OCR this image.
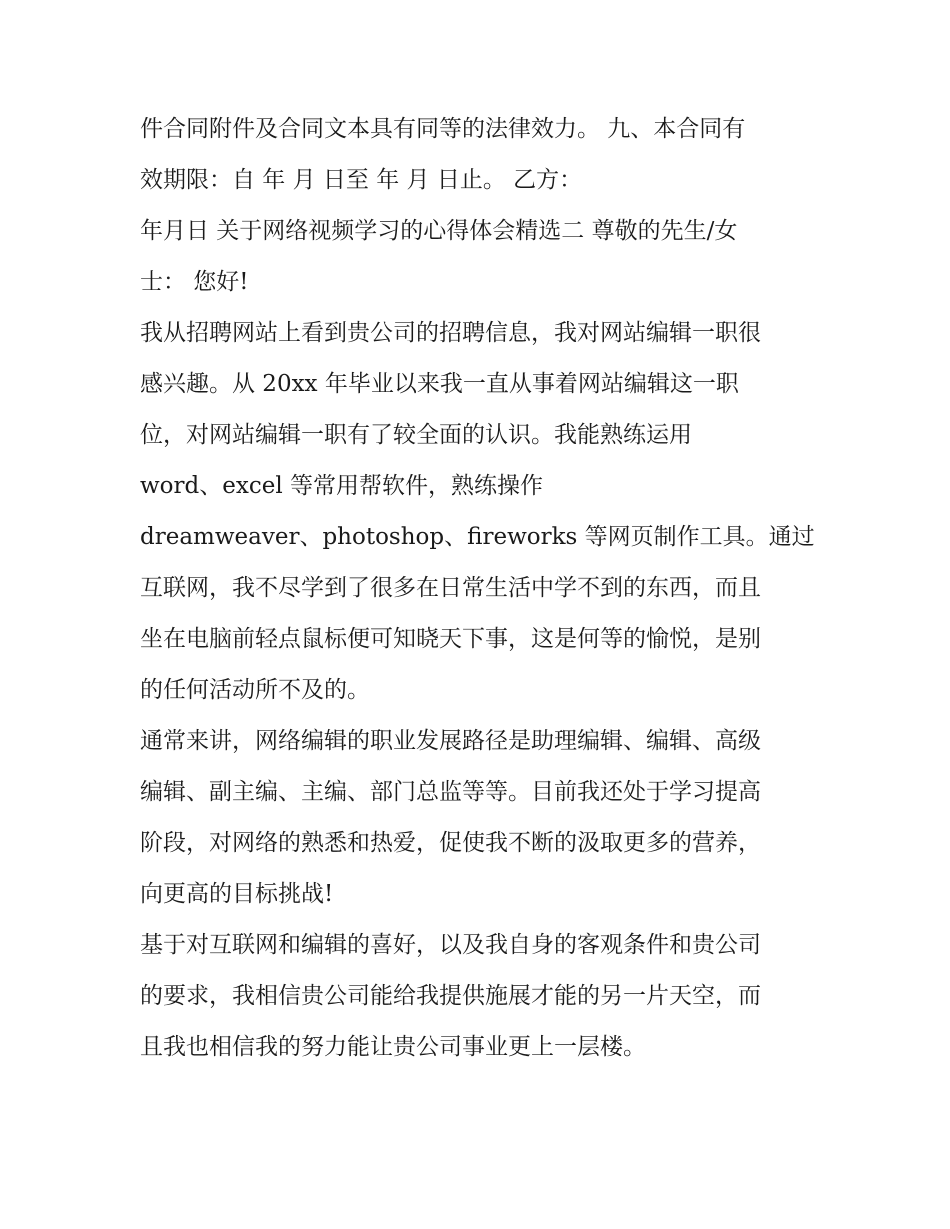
件合同附件及合同文本具有同等的法律效力。 九、本合同有
效期限：自 年 月 日至 年 月 日止。 乙方：
年月日 关于网络视频学习的心得体会精选二 尊敬的先生/女
士： 您好!
我从招聘网站上看到贵公司的招聘信息，我对网站编辑一职很
感兴趣。从 20xx 年毕业以来我一直从事着网站编辑这一职
位，对网站编辑一职有了较全面的认识。我能熟练运用
word、excel 等常用帮软件，熟练操作
dreamweaver、photoshop、fireworks 等网页制作工具。通过
互联网，我不尽学到了很多在日常生活中学不到的东西，而且
坐在电脑前轻点鼠标便可知晓天下事，这是何等的愉悦，是别
的任何活动所不及的。
通常来讲，网络编辑的职业发展路径是助理编辑、编辑、高级
编辑、副主编、主编、部门总监等等。目前我还处于学习提高
阶段，对网络的熟悉和热爱，促使我不断的汲取更多的营养，
向更高的目标挑战!
基于对互联网和编辑的喜好，以及我自身的客观条件和贵公司
的要求，我相信贵公司能给我提供施展才能的另一片天空，而
且我也相信我的努力能让贵公司事业更上一层楼。
